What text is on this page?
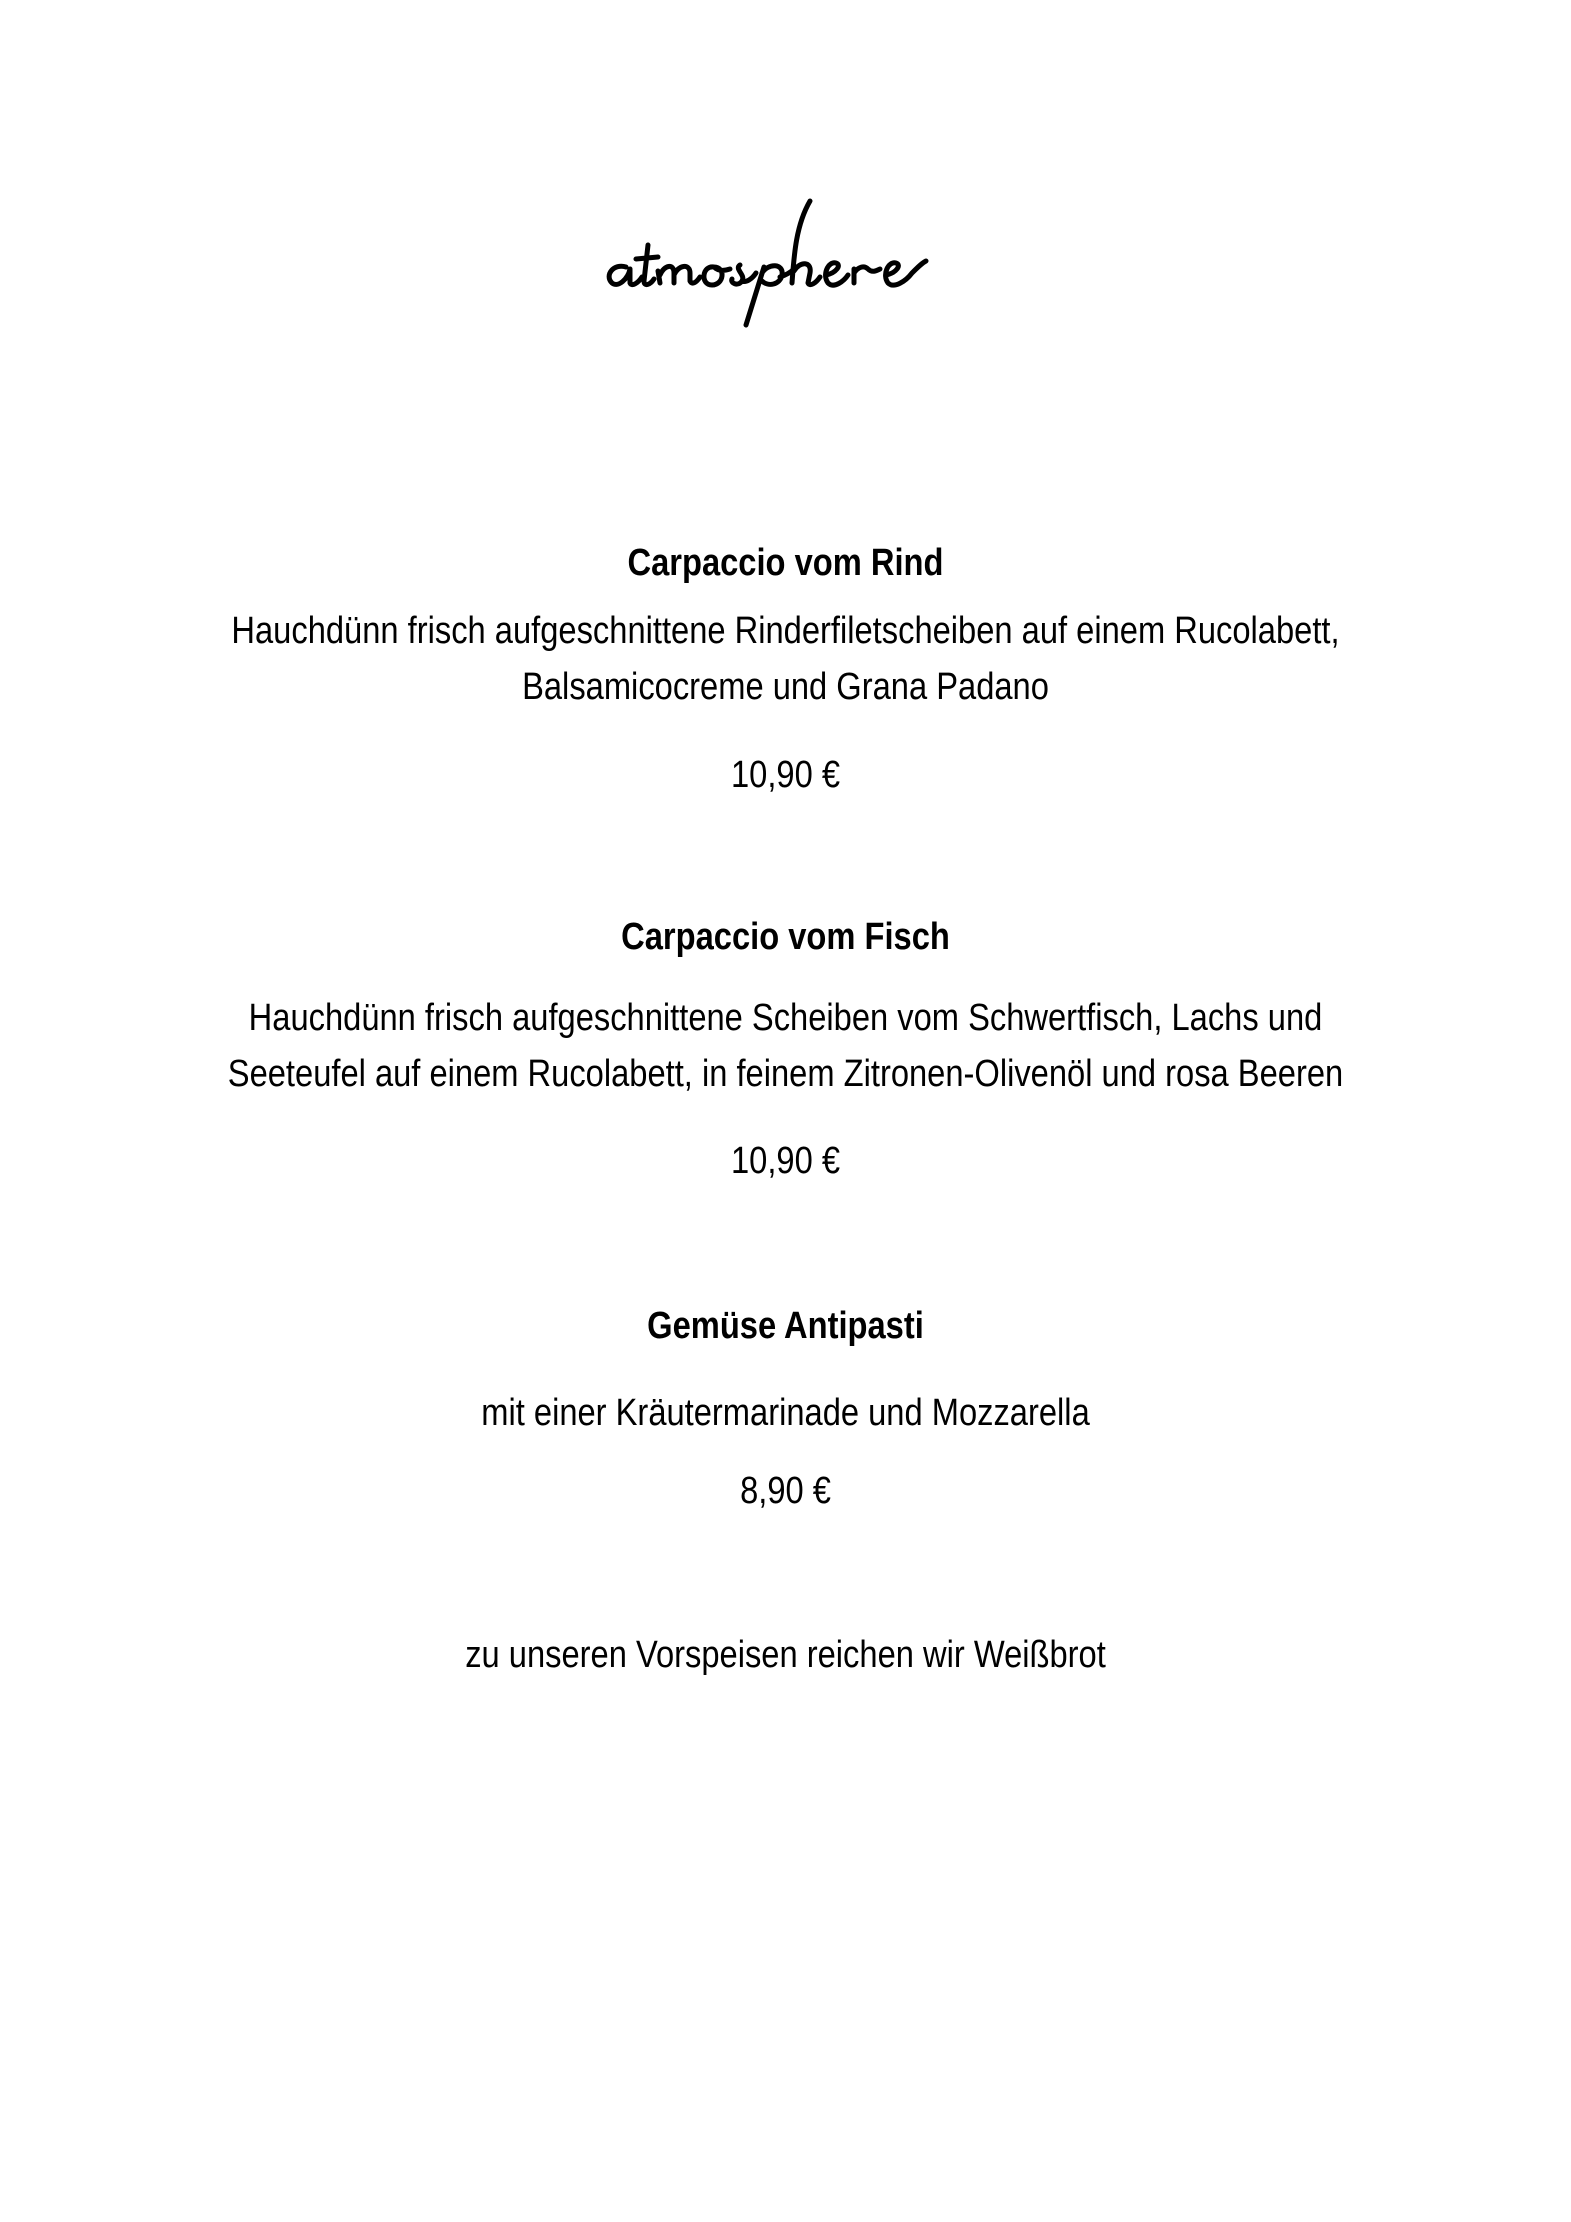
Carpaccio vom Rind
Hauchdünn frisch aufgeschnittene Rinderfiletscheiben auf einem Rucolabett,
Balsamicocreme und Grana Padano
10,90 €
Carpaccio vom Fisch
Hauchdünn frisch aufgeschnittene Scheiben vom Schwertfisch, Lachs und
Seeteufel auf einem Rucolabett, in feinem Zitronen-Olivenöl und rosa Beeren
10,90 €
Gemüse Antipasti
mit einer Kräutermarinade und Mozzarella
8,90 €
zu unseren Vorspeisen reichen wir Weißbrot
